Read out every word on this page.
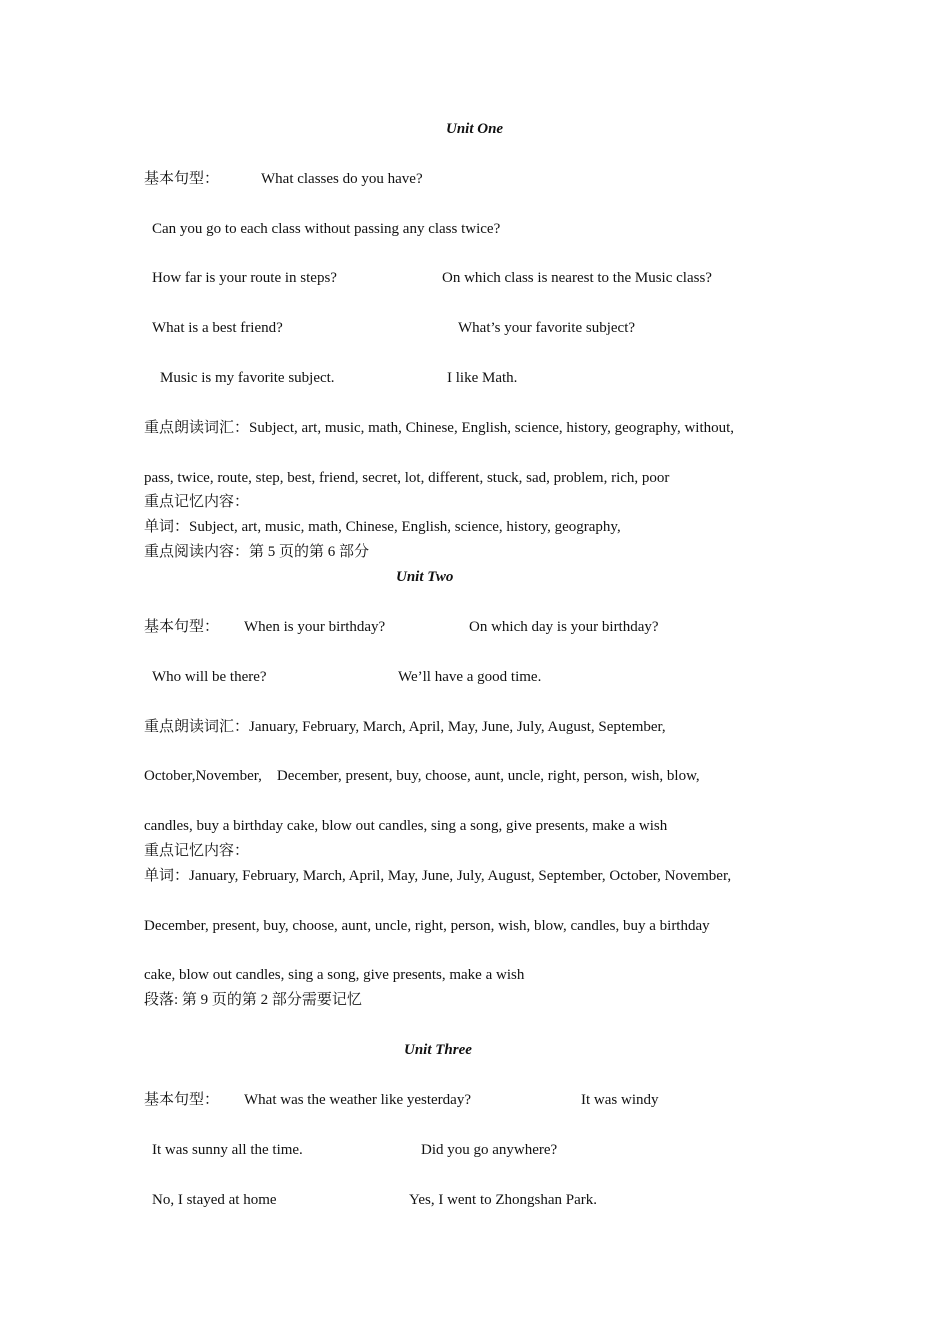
Unit One
基本句型：	What classes do you have?
Can you go to each class without passing any class twice?
How far is your route in steps?	On which class is nearest to the Music class?
What is a best friend?	What’s your favorite subject?
Music is my favorite subject.	I like Math.
重点朗读词汇：Subject, art, music, math, Chinese, English, science, history, geography, without,
pass, twice, route, step, best, friend, secret, lot, different, stuck, sad, problem, rich, poor
重点记忆内容：
单词：Subject, art, music, math, Chinese, English, science, history, geography,
重点阅读内容：第 5 页的第 6 部分
Unit Two
基本句型： When is your birthday?	On which day is your birthday?
Who will be there?	We’ll have a good time.
重点朗读词汇：January, February, March, April, May, June, July, August, September,
October,November,    December, present, buy, choose, aunt, uncle, right, person, wish, blow,
candles, buy a birthday cake, blow out candles, sing a song, give presents, make a wish
重点记忆内容：
单词：January, February, March, April, May, June, July, August, September, October, November,
December, present, buy, choose, aunt, uncle, right, person, wish, blow, candles, buy a birthday
cake, blow out candles, sing a song, give presents, make a wish
段落: 第 9 页的第 2 部分需要记忆
Unit Three
基本句型： What was the weather like yesterday?	It was windy
It was sunny all the time.	Did you go anywhere?
No, I stayed at home	Yes, I went to Zhongshan Park.
